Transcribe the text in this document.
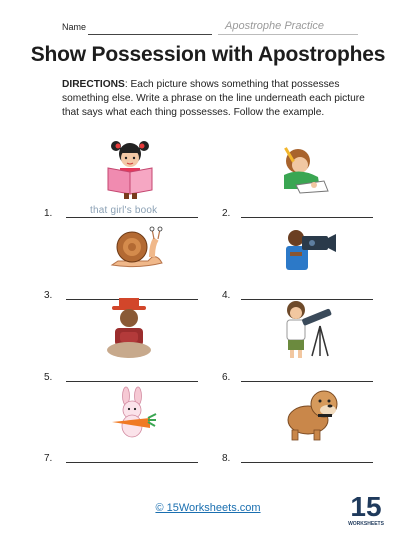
Name	Apostrophe Practice
Show Possession with Apostrophes
DIRECTIONS: Each picture shows something that possesses something else. Write a phrase on the line underneath each picture that says what each thing possesses. Follow the example.
1.	that girl's book	2.
3.	4.
5.	6.
7.	8.
© 15Worksheets.com	15
WORKSHEETS
